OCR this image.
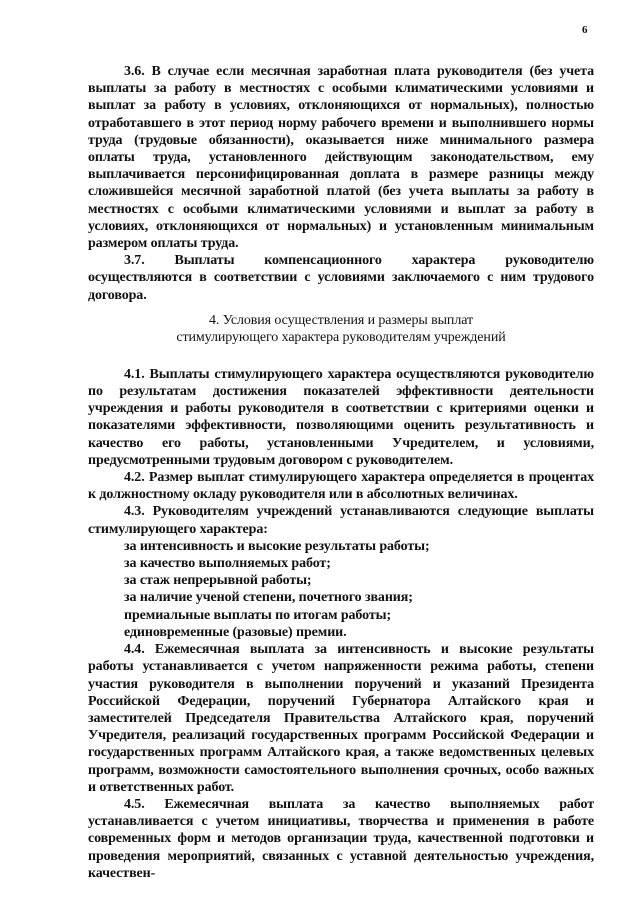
6

3.6. В случае если месячная заработная плата руководителя (без учета выплаты за работу в местностях с особыми климатическими условиями и выплат за работу в условиях, отклоняющихся от нормальных), полностью отработавшего в этот период норму рабочего времени и выполнившего нормы труда (трудовые обязанности), оказывается ниже минимального размера оплаты труда, установленного действующим законодательством, ему выплачивается персонифицированная доплата в размере разницы между сложившейся месячной заработной платой (без учета выплаты за работу в местностях с особыми климатическими условиями и выплат за работу в условиях, отклоняющихся от нормальных) и установленным минимальным размером оплаты труда.

3.7. Выплаты компенсационного характера руководителю осуществляются в соответствии с условиями заключаемого с ним трудового договора.

4. Условия осуществления и размеры выплат
стимулирующего характера руководителям учреждений

4.1. Выплаты стимулирующего характера осуществляются руководителю по результатам достижения показателей эффективности деятельности учреждения и работы руководителя в соответствии с критериями оценки и показателями эффективности, позволяющими оценить результативность и качество его работы, установленными Учредителем, и условиями, предусмотренными трудовым договором с руководителем.

4.2. Размер выплат стимулирующего характера определяется в процентах к должностному окладу руководителя или в абсолютных величинах.

4.3. Руководителям учреждений устанавливаются следующие выплаты стимулирующего характера:

за интенсивность и высокие результаты работы;

за качество выполняемых работ;

за стаж непрерывной работы;

за наличие ученой степени, почетного звания;

премиальные выплаты по итогам работы;

единовременные (разовые) премии.

4.4. Ежемесячная выплата за интенсивность и высокие результаты работы устанавливается с учетом напряженности режима работы, степени участия руководителя в выполнении поручений и указаний Президента Российской Федерации, поручений Губернатора Алтайского края и заместителей Председателя Правительства Алтайского края, поручений Учредителя, реализаций государственных программ Российской Федерации и государственных программ Алтайского края, а также ведомственных целевых программ, возможности самостоятельного выполнения срочных, особо важных и ответственных работ.

4.5. Ежемесячная выплата за качество выполняемых работ устанавливается с учетом инициативы, творчества и применения в работе современных форм и методов организации труда, качественной подготовки и проведения мероприятий, связанных с уставной деятельностью учреждения, качествен-
